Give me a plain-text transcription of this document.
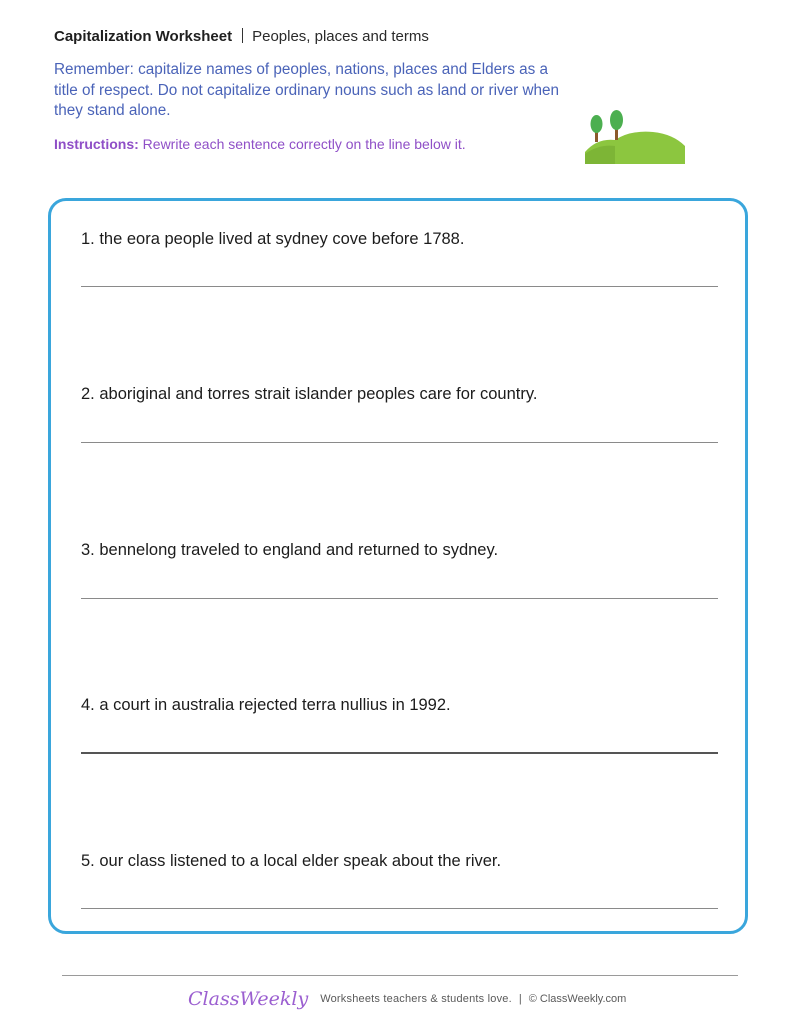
Capitalization Worksheet Peoples, places and terms
Remember: capitalize names of peoples, nations, places and Elders as a title of respect. Do not capitalize ordinary nouns such as land or river when they stand alone.
Instructions: Rewrite each sentence correctly on the line below it.
1. the eora people lived at sydney cove before 1788.
2. aboriginal and torres strait islander peoples care for country.
3. bennelong traveled to england and returned to sydney.
4. a court in australia rejected terra nullius in 1992.
5. our class listened to a local elder speak about the river.
ClassWeekly Worksheets teachers & students love. | © ClassWeekly.com
